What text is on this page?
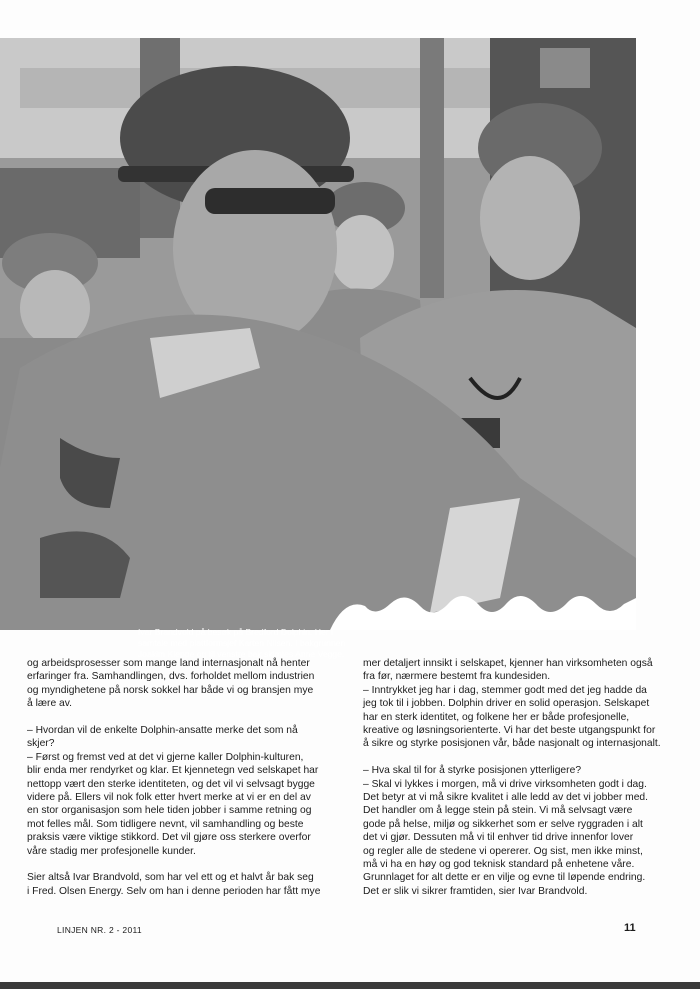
Ivar Brandvold på besøk på Bredford Dolphin. Her i
samtale med plattformsjef Karten Nilsen. I bakgrunnen
Joakim Kleppe og til venstre bak skimtes Anne Vegge.

og arbeidsprosesser som mange land internasjonalt nå henter
erfaringer fra. Samhandlingen, dvs. forholdet mellom industrien
og myndighetene på norsk sokkel har både vi og bransjen mye
å lære av.

– Hvordan vil de enkelte Dolphin-ansatte merke det som nå
skjer?
– Først og fremst ved at det vi gjerne kaller Dolphin-kulturen,
blir enda mer rendyrket og klar. Et kjennetegn ved selskapet har
nettopp vært den sterke identiteten, og det vil vi selvsagt bygge
videre på. Ellers vil nok folk etter hvert merke at vi er en del av
en stor organisasjon som hele tiden jobber i samme retning og
mot felles mål. Som tidligere nevnt, vil samhandling og beste
praksis være viktige stikkord. Det vil gjøre oss sterkere overfor
våre stadig mer profesjonelle kunder.

Sier altså Ivar Brandvold, som har vel ett og et halvt år bak seg
i Fred. Olsen Energy. Selv om han i denne perioden har fått mye

mer detaljert innsikt i selskapet, kjenner han virksomheten også
fra før, nærmere bestemt fra kundesiden.
– Inntrykket jeg har i dag, stemmer godt med det jeg hadde da
jeg tok til i jobben. Dolphin driver en solid operasjon. Selskapet
har en sterk identitet, og folkene her er både profesjonelle,
kreative og løsningsorienterte. Vi har det beste utgangspunkt for
å sikre og styrke posisjonen vår, både nasjonalt og internasjonalt.

– Hva skal til for å styrke posisjonen ytterligere?
– Skal vi lykkes i morgen, må vi drive virksomheten godt i dag.
Det betyr at vi må sikre kvalitet i alle ledd av det vi jobber med.
Det handler om å legge stein på stein. Vi må selvsagt være
gode på helse, miljø og sikkerhet som er selve ryggraden i alt
det vi gjør. Dessuten må vi til enhver tid drive innenfor lover
og regler alle de stedene vi opererer. Og sist, men ikke minst,
må vi ha en høy og god teknisk standard på enhetene våre.
Grunnlaget for alt dette er en vilje og evne til løpende endring.
Det er slik vi sikrer framtiden, sier Ivar Brandvold.

LINJEN NR. 2 - 2011	11
